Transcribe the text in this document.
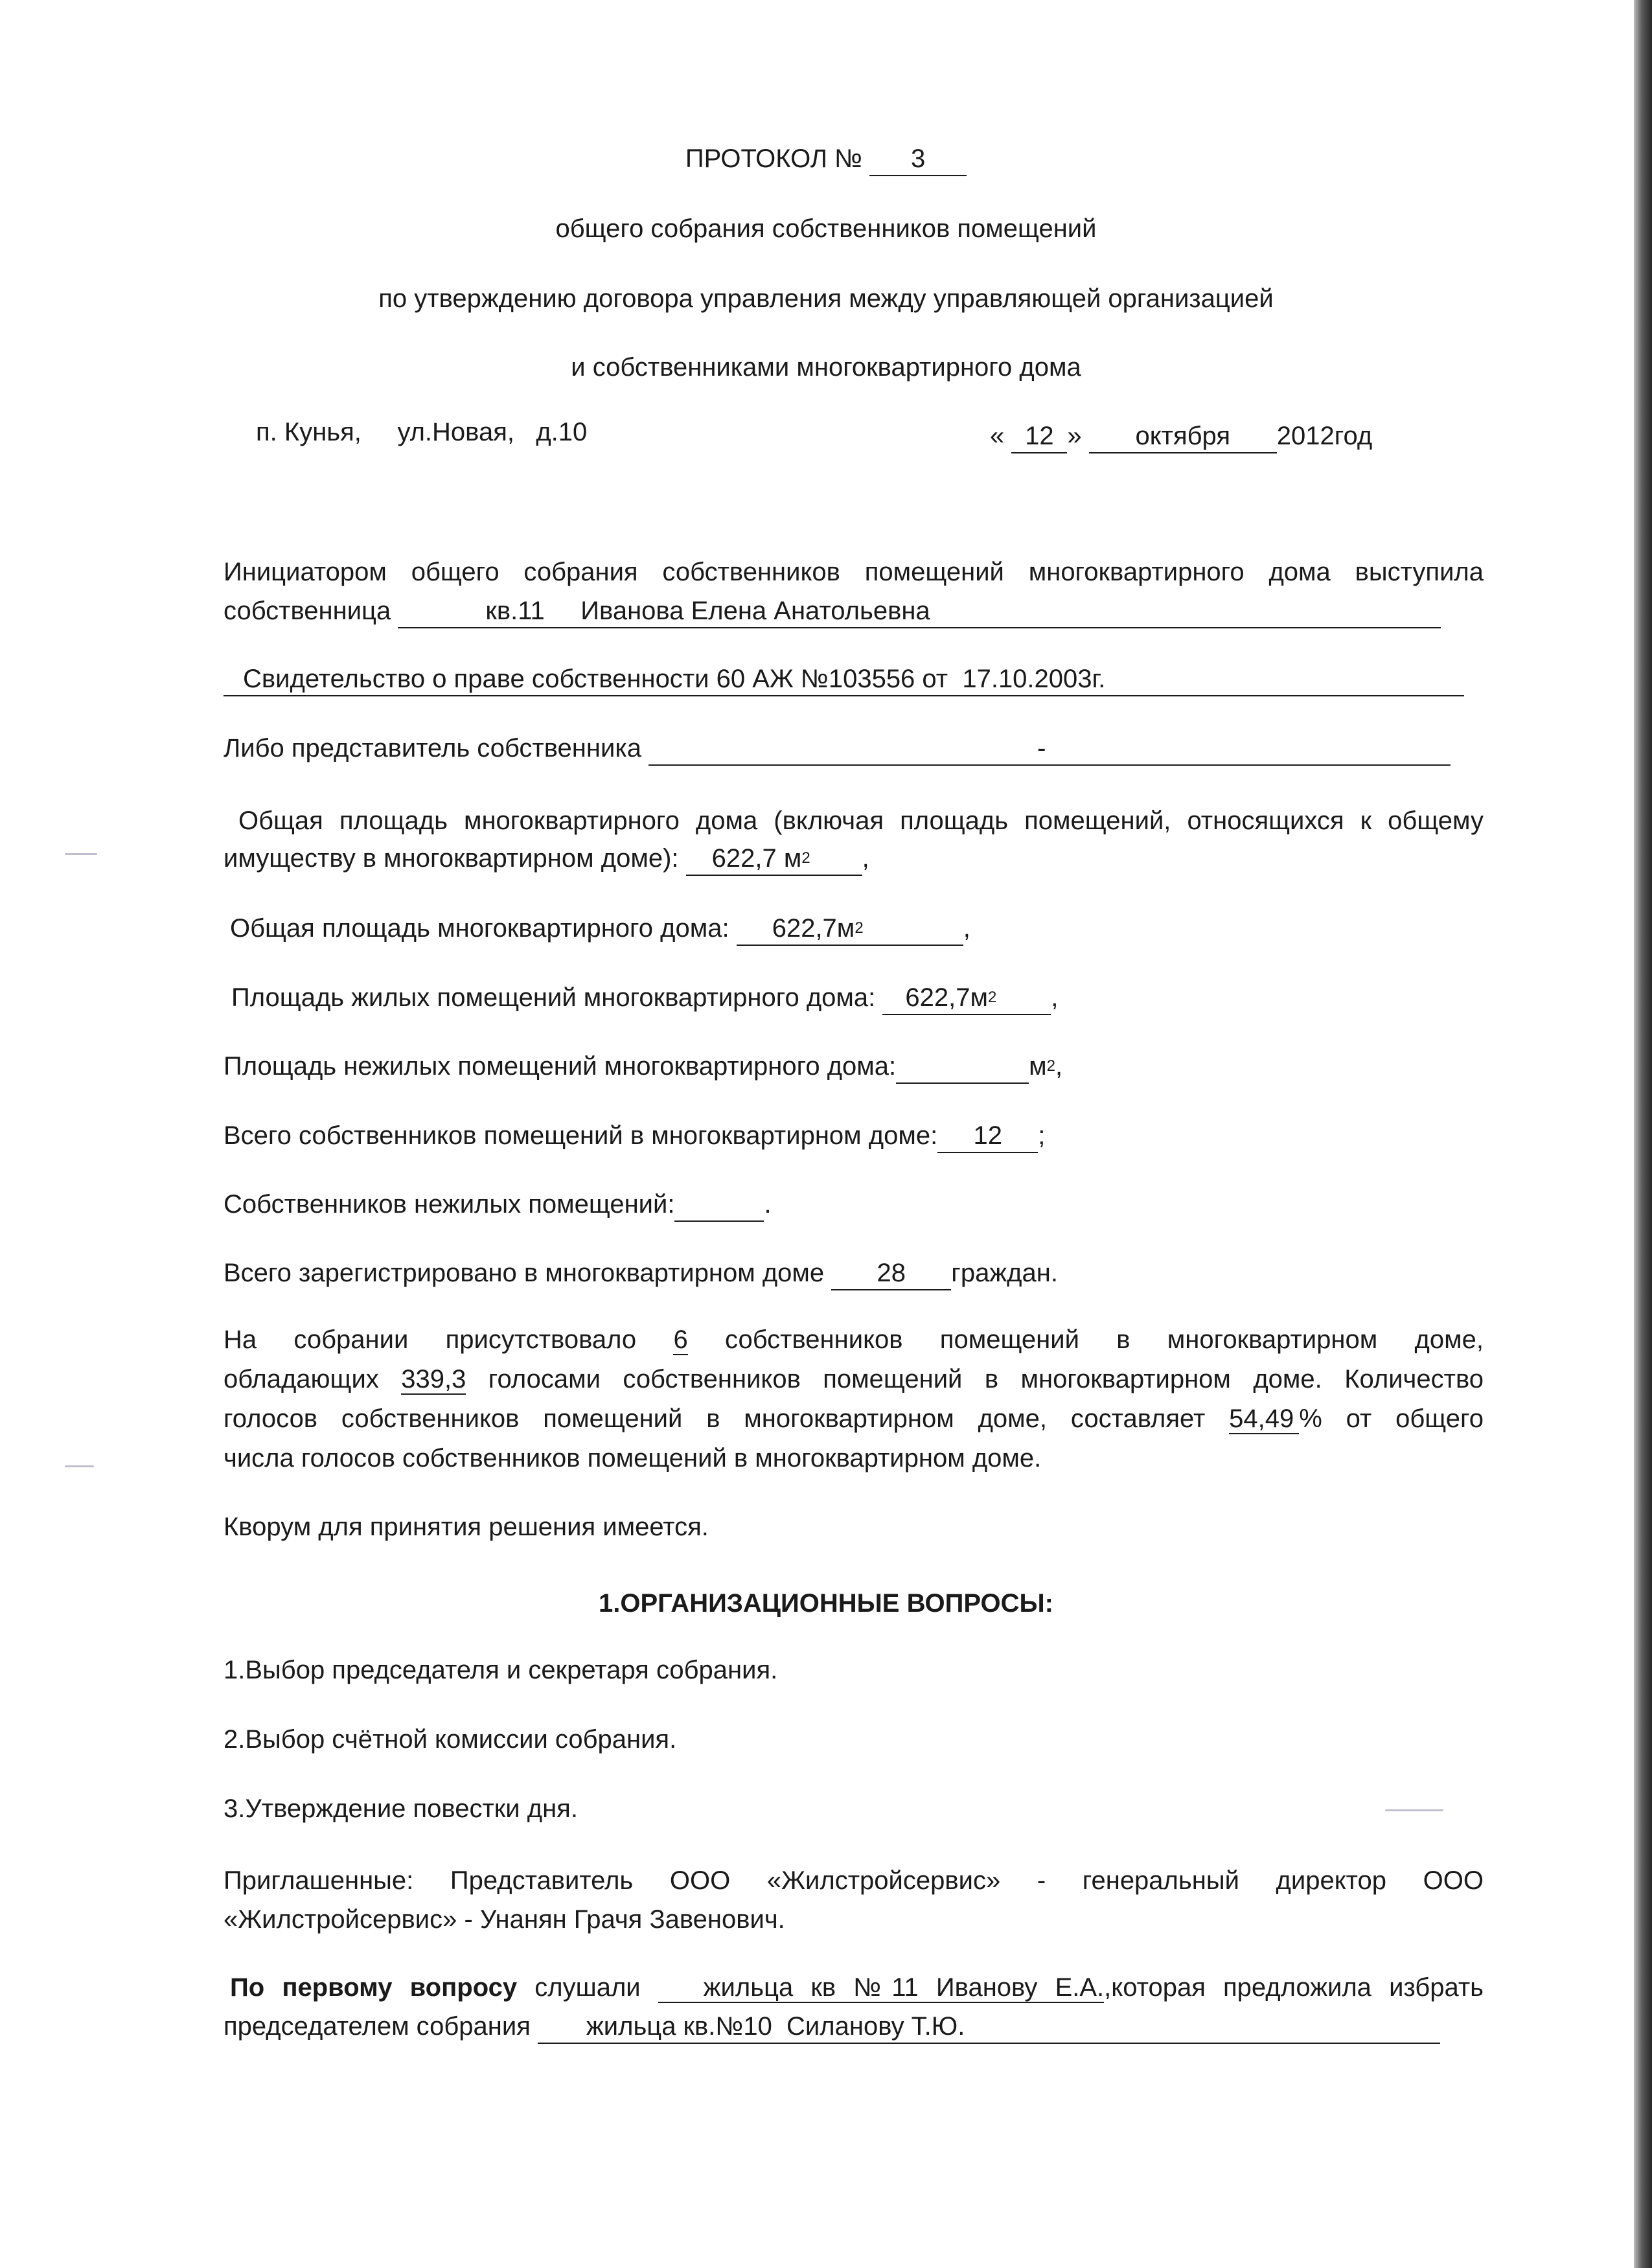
ПРОТОКОЛ № 3
общего собрания собственников помещений
по утверждению договора управления между управляющей организацией
и собственниками многоквартирного дома
п. Кунья,     ул.Новая,   д.10	« 12 » октября 2012год
Инициатором общего собрания собственников помещений многоквартирного дома выступила
собственница	кв.11     Иванова Елена Анатольевна
Свидетельство о праве собственности 60 АЖ №103556 от  17.10.2003г.
Либо представитель собственника	-
Общая площадь многоквартирного дома (включая площадь помещений, относящихся к общему
имуществу в многоквартирном доме): 622,7 $м^2$ ,
Общая площадь многоквартирного дома: $622,7м^2$	,
Площадь жилых помещений многоквартирного дома: $622,7м^2$ ,
Площадь нежилых помещений многоквартирного дома:	$м^2$,
Всего собственников помещений в многоквартирном доме: 12 ;
Собственников нежилых помещений:	.
Всего зарегистрировано в многоквартирном доме 28 граждан.
На собрании присутствовало 6 собственников помещений в многоквартирном доме,
обладающих 339,3 голосами собственников помещений в многоквартирном доме. Количество
голосов собственников помещений в многоквартирном доме, составляет 54,49 % от общего
числа голосов собственников помещений в многоквартирном доме.
Кворум для принятия решения имеется.
1.ОРГАНИЗАЦИОННЫЕ ВОПРОСЫ:
1.Выбор председателя и секретаря собрания.
2.Выбор счётной комиссии собрания.
3.Утверждение повестки дня.
Приглашенные: Представитель ООО «Жилстройсервис» - генеральный директор ООО
«Жилстройсервис» - Унанян Грачя Завенович.
По первому вопросу слушали жильца кв №11 Иванову Е.А.,которая предложила избрать
председателем собрания жильца кв.№10  Силанову Т.Ю.
